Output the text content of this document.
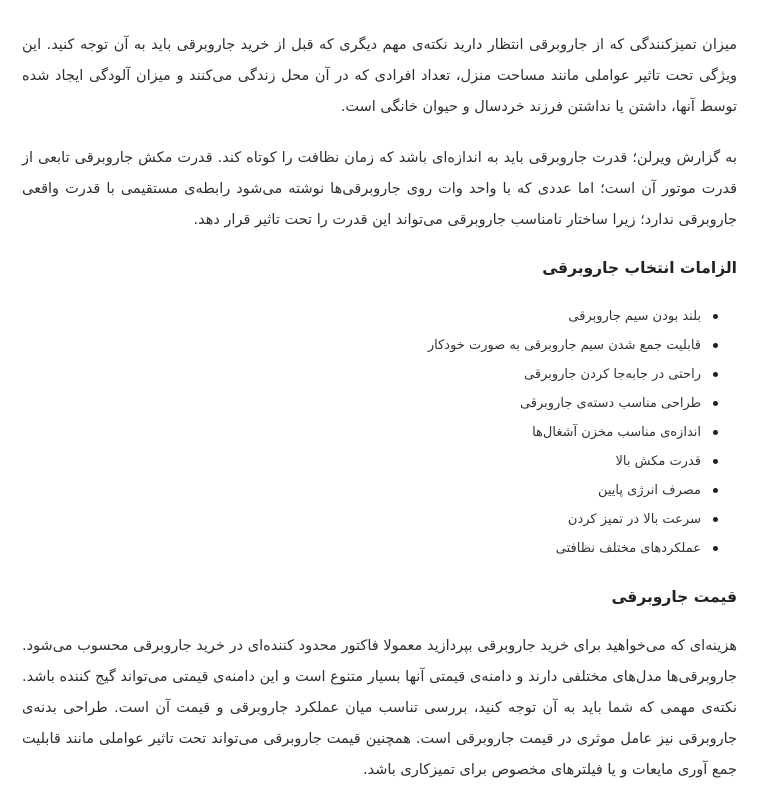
میزان تمیزکنندگی که از جاروبرقی انتظار دارید نکته‌ی مهم دیگری که قبل از خرید جاروبرقی باید به آن توجه کنید. این ویژگی تحت تاثیر عواملی مانند مساحت منزل، تعداد افرادی که در آن محل زندگی می‌کنند و میزان آلودگی ایجاد شده توسط آنها، داشتن یا نداشتن فرزند خردسال و حیوان خانگی است.

به گزارش ویرلن؛ قدرت جاروبرقی باید به اندازه‌ای باشد که زمان نظافت را کوتاه کند. قدرت مکش جاروبرقی تابعی از قدرت موتور آن است؛ اما عددی که با واحد وات روی جاروبرقی‌ها نوشته می‌شود رابطه‌ی مستقیمی با قدرت واقعی جاروبرقی ندارد؛ زیرا ساختار نامناسب جاروبرقی می‌تواند این قدرت را تحت تاثیر قرار دهد.

الزامات انتخاب جاروبرقی
بلند بودن سیم جاروبرقی
قابلیت جمع شدن سیم جاروبرقی به صورت خودکار
راحتی در جابه‌جا کردن جاروبرقی
طراحی مناسب دسته‌ی جاروبرقی
اندازه‌ی مناسب مخزن آشغال‌ها
قدرت مکش بالا
مصرف انرژی پایین
سرعت بالا در تمیز کردن
عملکردهای مختلف نظافتی
قیمت جاروبرقی

هزینه‌ای که می‌خواهید برای خرید جاروبرقی بپردازید معمولا فاکتور محدود کننده‌ای در خرید جاروبرقی محسوب می‌شود. جاروبرقی‌ها مدل‌های مختلفی دارند و دامنه‌ی قیمتی آنها بسیار متنوع است و این دامنه‌ی قیمتی می‌تواند گیج کننده باشد. نکته‌ی مهمی که شما باید به آن توجه کنید، بررسی تناسب میان عملکرد جاروبرقی و قیمت آن است. طراحی بدنه‌ی جاروبرقی نیز عامل موثری در قیمت جاروبرقی است. همچنین قیمت جاروبرقی می‌تواند تحت تاثیر عواملی مانند قابلیت جمع آوری مایعات و یا فیلترهای مخصوص برای تمیزکاری باشد.
